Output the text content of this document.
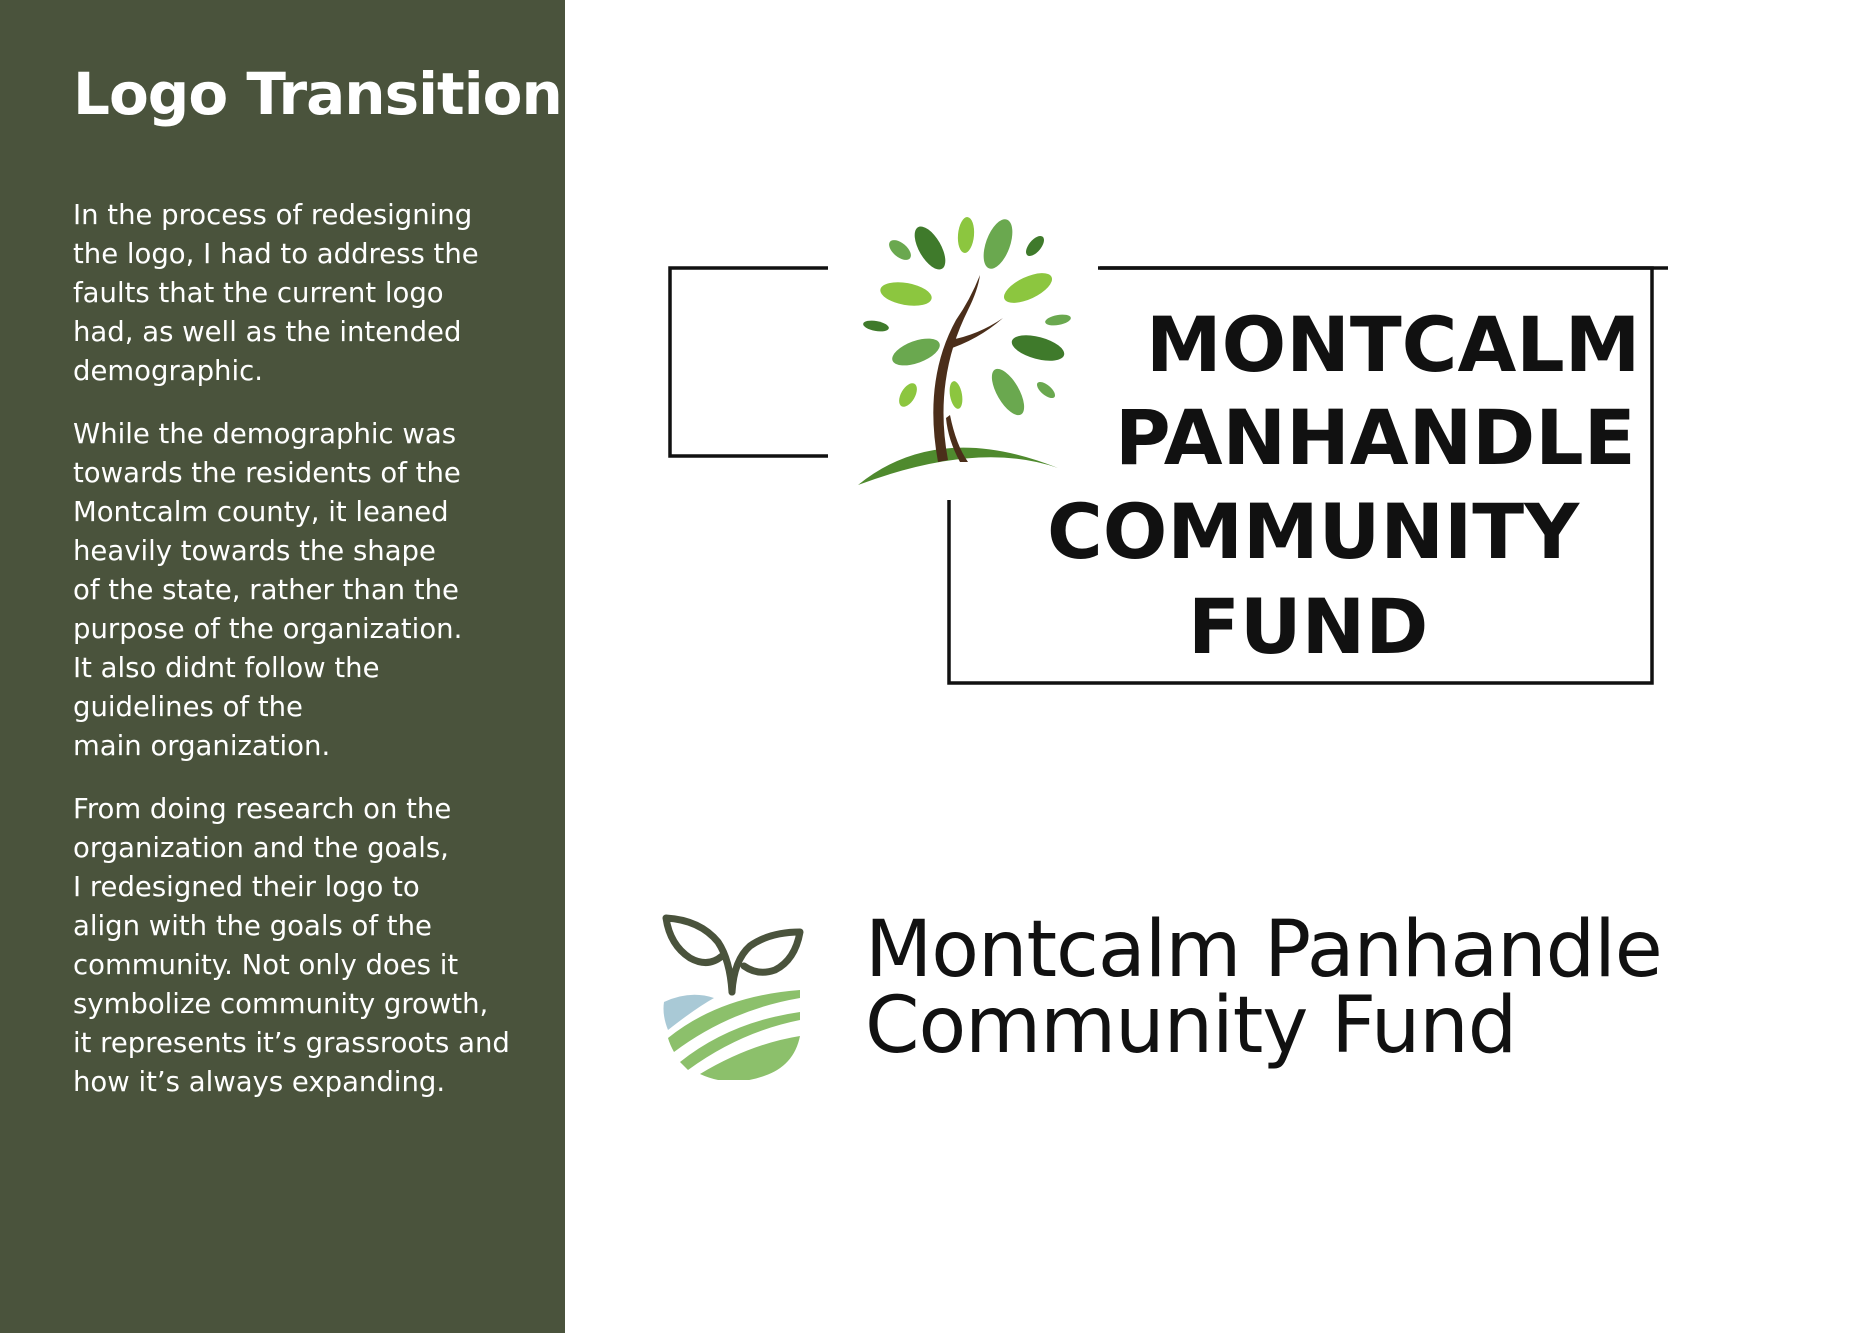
Logo Transition

In the process of redesigning
the logo, I had to address the
faults that the current logo
had, as well as the intended
demographic.

While the demographic was
towards the residents of the
Montcalm county, it leaned
heavily towards the shape
of the state, rather than the
purpose of the organization.
It also didnt follow the
guidelines of the
main organization.

From doing research on the
organization and the goals,
I redesigned their logo to
align with the goals of the
community. Not only does it
symbolize community growth,
it represents it’s grassroots and
how it’s always expanding.

MONTCALM
PANHANDLE
COMMUNITY
FUND
Montcalm Panhandle
Community Fund
